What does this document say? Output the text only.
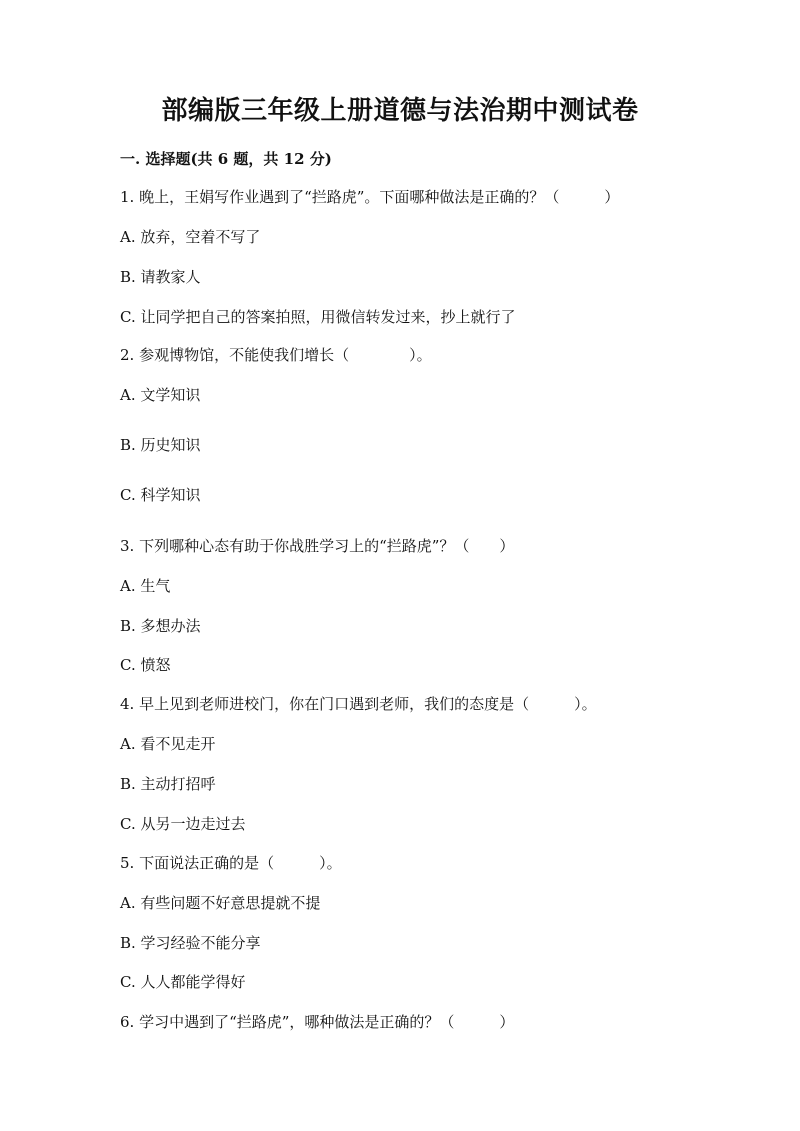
部编版三年级上册道德与法治期中测试卷
一. 选择题(共 6 题，共 12 分)
1. 晚上，王娟写作业遇到了“拦路虎”。下面哪种做法是正确的？（　　　）
A. 放弃，空着不写了
B. 请教家人
C. 让同学把自己的答案拍照，用微信转发过来，抄上就行了
2. 参观博物馆，不能使我们增长（　　　　）。
A. 文学知识
B. 历史知识
C. 科学知识
3. 下列哪种心态有助于你战胜学习上的“拦路虎”？（　　）
A. 生气
B. 多想办法
C. 愤怒
4. 早上见到老师进校门，你在门口遇到老师，我们的态度是（　　　）。
A. 看不见走开
B. 主动打招呼
C. 从另一边走过去
5. 下面说法正确的是（　　　）。
A. 有些问题不好意思提就不提
B. 学习经验不能分享
C. 人人都能学得好
6. 学习中遇到了“拦路虎”，哪种做法是正确的？（　　　）
